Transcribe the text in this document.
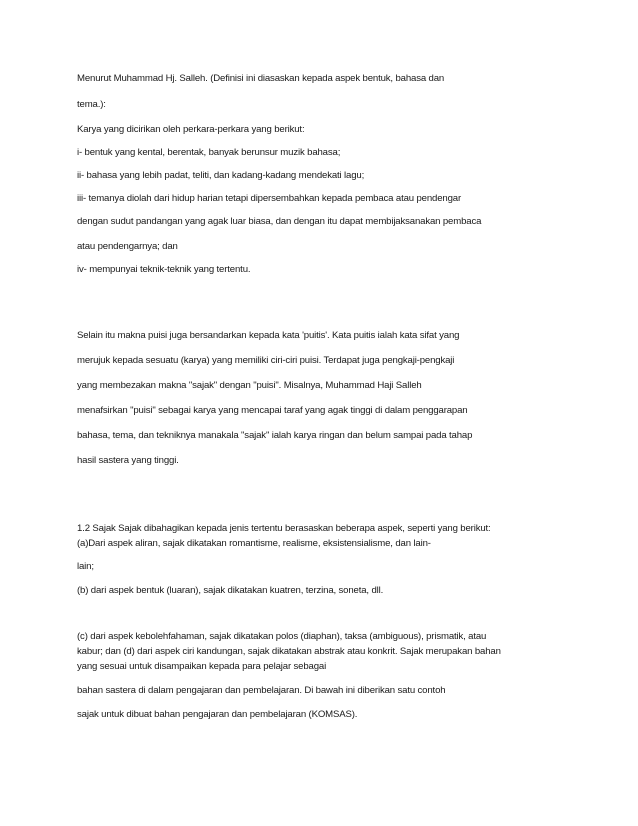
Menurut Muhammad Hj. Salleh. (Definisi ini diasaskan kepada aspek bentuk, bahasa dan
tema.):
Karya yang dicirikan oleh perkara-perkara yang berikut:
i- bentuk yang kental, berentak, banyak berunsur muzik bahasa;
ii- bahasa yang lebih padat, teliti, dan kadang-kadang mendekati lagu;
iii- temanya diolah dari hidup harian tetapi dipersembahkan kepada pembaca atau pendengar
dengan sudut pandangan yang agak luar biasa, dan dengan itu dapat membijaksanakan pembaca
atau pendengarnya; dan
iv- mempunyai teknik-teknik yang tertentu.
Selain itu makna puisi juga bersandarkan kepada kata 'puitis'. Kata puitis ialah kata sifat yang
merujuk kepada sesuatu (karya) yang memiliki ciri-ciri puisi. Terdapat juga pengkaji-pengkaji
yang membezakan makna "sajak" dengan "puisi". Misalnya, Muhammad Haji Salleh
menafsirkan "puisi" sebagai karya yang mencapai taraf yang agak tinggi di dalam penggarapan
bahasa, tema, dan tekniknya manakala "sajak" ialah karya ringan dan belum sampai pada tahap
hasil sastera yang tinggi.
1.2 Sajak Sajak dibahagikan kepada jenis tertentu berasaskan beberapa aspek, seperti yang berikut:
(a)Dari aspek aliran, sajak dikatakan romantisme, realisme, eksistensialisme, dan lain-
lain;
(b) dari aspek bentuk (luaran), sajak dikatakan kuatren, terzina, soneta, dll.
(c) dari aspek kebolehfahaman, sajak dikatakan polos (diaphan), taksa (ambiguous), prismatik, atau
kabur; dan (d) dari aspek ciri kandungan, sajak dikatakan abstrak atau konkrit. Sajak merupakan bahan
yang sesuai untuk disampaikan kepada para pelajar sebagai
bahan sastera di dalam pengajaran dan pembelajaran. Di bawah ini diberikan satu contoh
sajak untuk dibuat bahan pengajaran dan pembelajaran (KOMSAS).
